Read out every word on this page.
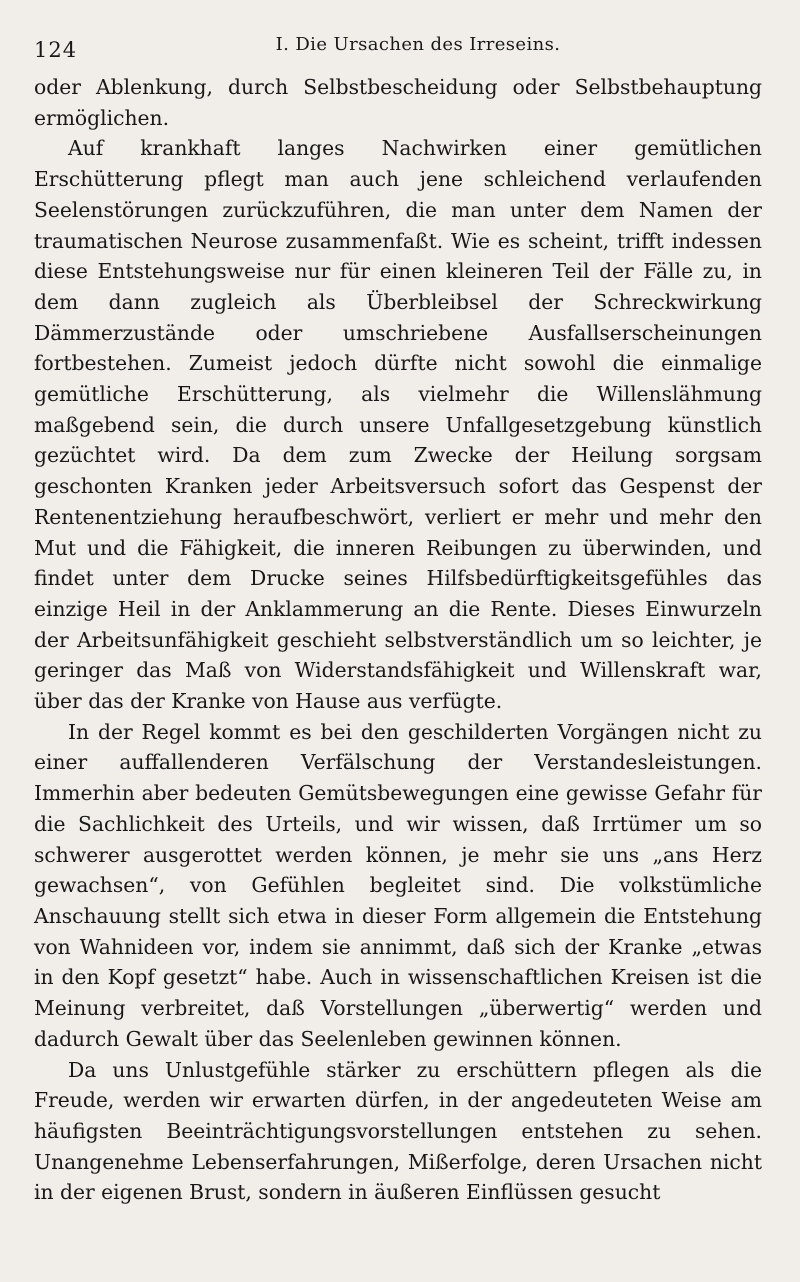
124	I. Die Ursachen des Irreseins.

oder Ablenkung, durch Selbstbescheidung oder Selbstbehauptung ermöglichen.

Auf krankhaft langes Nachwirken einer gemütlichen Erschütterung pflegt man auch jene schleichend verlaufenden Seelenstörungen zurückzuführen, die man unter dem Namen der traumatischen Neurose zusammenfaßt. Wie es scheint, trifft indessen diese Entstehungsweise nur für einen kleineren Teil der Fälle zu, in dem dann zugleich als Überbleibsel der Schreckwirkung Dämmerzustände oder umschriebene Ausfallserscheinungen fortbestehen. Zumeist jedoch dürfte nicht sowohl die einmalige gemütliche Erschütterung, als vielmehr die Willenslähmung maßgebend sein, die durch unsere Unfallgesetzgebung künstlich gezüchtet wird. Da dem zum Zwecke der Heilung sorgsam geschonten Kranken jeder Arbeitsversuch sofort das Gespenst der Rentenentziehung heraufbeschwört, verliert er mehr und mehr den Mut und die Fähigkeit, die inneren Reibungen zu überwinden, und findet unter dem Drucke seines Hilfsbedürftigkeitsgefühles das einzige Heil in der Anklammerung an die Rente. Dieses Einwurzeln der Arbeitsunfähigkeit geschieht selbstverständlich um so leichter, je geringer das Maß von Widerstandsfähigkeit und Willenskraft war, über das der Kranke von Hause aus verfügte.

In der Regel kommt es bei den geschilderten Vorgängen nicht zu einer auffallenderen Verfälschung der Verstandesleistungen. Immerhin aber bedeuten Gemütsbewegungen eine gewisse Gefahr für die Sachlichkeit des Urteils, und wir wissen, daß Irrtümer um so schwerer ausgerottet werden können, je mehr sie uns „ans Herz gewachsen“, von Gefühlen begleitet sind. Die volkstümliche Anschauung stellt sich etwa in dieser Form allgemein die Entstehung von Wahnideen vor, indem sie annimmt, daß sich der Kranke „etwas in den Kopf gesetzt“ habe. Auch in wissenschaftlichen Kreisen ist die Meinung verbreitet, daß Vorstellungen „überwertig“ werden und dadurch Gewalt über das Seelenleben gewinnen können.

Da uns Unlustgefühle stärker zu erschüttern pflegen als die Freude, werden wir erwarten dürfen, in der angedeuteten Weise am häufigsten Beeinträchtigungsvorstellungen entstehen zu sehen. Unangenehme Lebenserfahrungen, Mißerfolge, deren Ursachen nicht in der eigenen Brust, sondern in äußeren Einflüssen gesucht
